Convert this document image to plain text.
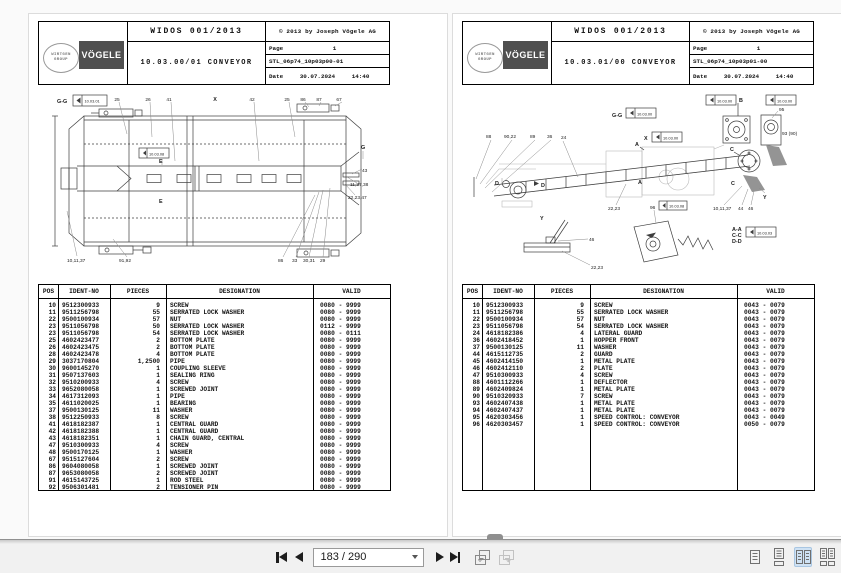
WIRTGEN
GROUP VÖGELE
WIDOS 001/2013
10.03.00/01 CONVEYOR
© 2013 by Joseph Vögele AG
Page	1
STL_06p74_10p03p00-01
Date	30.07.2024	14:40
10.03.01
10.03.08
G-G	25	26	41	X	42	25 86 87	67
E
E
G
43
11,37,38
22,23,47
10,11,37	91,92	86 33 30,31 29
POS	IDENT-NO	PIECES	DESIGNATION	VALID
10 9512300933	9	SCREW	0080 - 9999
11 9511256798	55	SERRATED LOCK WASHER	0080 - 9999
22 9500100934	57	NUT	0080 - 9999
23 9511056798	50	SERRATED LOCK WASHER	0112 - 9999
23 9511056798	54	SERRATED LOCK WASHER	0080 - 0111
25 4602423477	2	BOTTOM PLATE	0080 - 9999
26 4602423475	2	BOTTOM PLATE	0080 - 9999
28 4602423478	4	BOTTOM PLATE	0080 - 9999
29 3037170804	1,2500	PIPE	0080 - 9999
30 9600145270	1	COUPLING SLEEVE	0080 - 9999
31 9507137603	1	SEALING RING	0080 - 9999
32 9510200933	4	SCREW	0080 - 9999
33 9652080058	1	SCREWED JOINT	0080 - 9999
34 4617312093	1	PIPE	0080 - 9999
35 4611020025	1	BEARING	0080 - 9999
37 9500130125	11	WASHER	0080 - 9999
38 9512250933	8	SCREW	0080 - 9999
41 4618182387	1	CENTRAL GUARD	0080 - 9999
42 4618182388	1	CENTRAL GUARD	0080 - 9999
43 4618182351	1	CHAIN GUARD, CENTRAL	0080 - 9999
47 9510300933	4	SCREW	0080 - 9999
48 9500170125	1	WASHER	0080 - 9999
67 9515127604	2	SCREW	0080 - 9999
86 9604080058	1	SCREWED JOINT	0080 - 9999
87 9653080058	2	SCREWED JOINT	0080 - 9999
91 4615143725	1	ROD STEEL	0080 - 9999
92 9506301481	2	TENSIONER PIN	0080 - 9999
WIRTGEN
GROUP VÖGELE
WIDOS 001/2013
10.03.01/00 CONVEYOR
© 2013 by Joseph Vögele AG
Page	1
STL_06p74_10p03p01-00
Date	30.07.2024	14:40
10.03.00
10.03.00
10.03.00	10.03.00
10.03.08
10.03.03
88	90,22	89 36 24
G-G
X
B
95
93 (90)
A
A
C
C
D	D
22,23	10,11,37 44 46
Y
Y
46
22,23
96
A-A
C-C
D-D
POS	IDENT-NO	PIECES	DESIGNATION	VALID
10 9512300933	9	SCREW	0043 - 0079
11 9511256798	55	SERRATED LOCK WASHER	0043 - 0079
22 9500100934	57	NUT	0043 - 0079
23 9511056798	54	SERRATED LOCK WASHER	0043 - 0079
24 4618182386	4	LATERAL GUARD	0043 - 0079
36 4602418452	1	HOPPER FRONT	0043 - 0079
37 9500130125	11	WASHER	0043 - 0079
44 4615112735	2	GUARD	0043 - 0079
45 4602414150	1	METAL PLATE	0043 - 0079
46 4602412110	2	PLATE	0043 - 0079
47 9510300933	4	SCREW	0043 - 0079
88 4601112266	1	DEFLECTOR	0043 - 0079
89 4602409824	1	METAL PLATE	0043 - 0079
90 9510320933	7	SCREW	0043 - 0079
93 4602407438	1	METAL PLATE	0043 - 0079
94 4602407437	1	METAL PLATE	0043 - 0079
95 4620303456	1	SPEED CONTROL: CONVEYOR	0043 - 0049
96 4620303457	1	SPEED CONTROL: CONVEYOR	0050 - 0079
183 / 290
